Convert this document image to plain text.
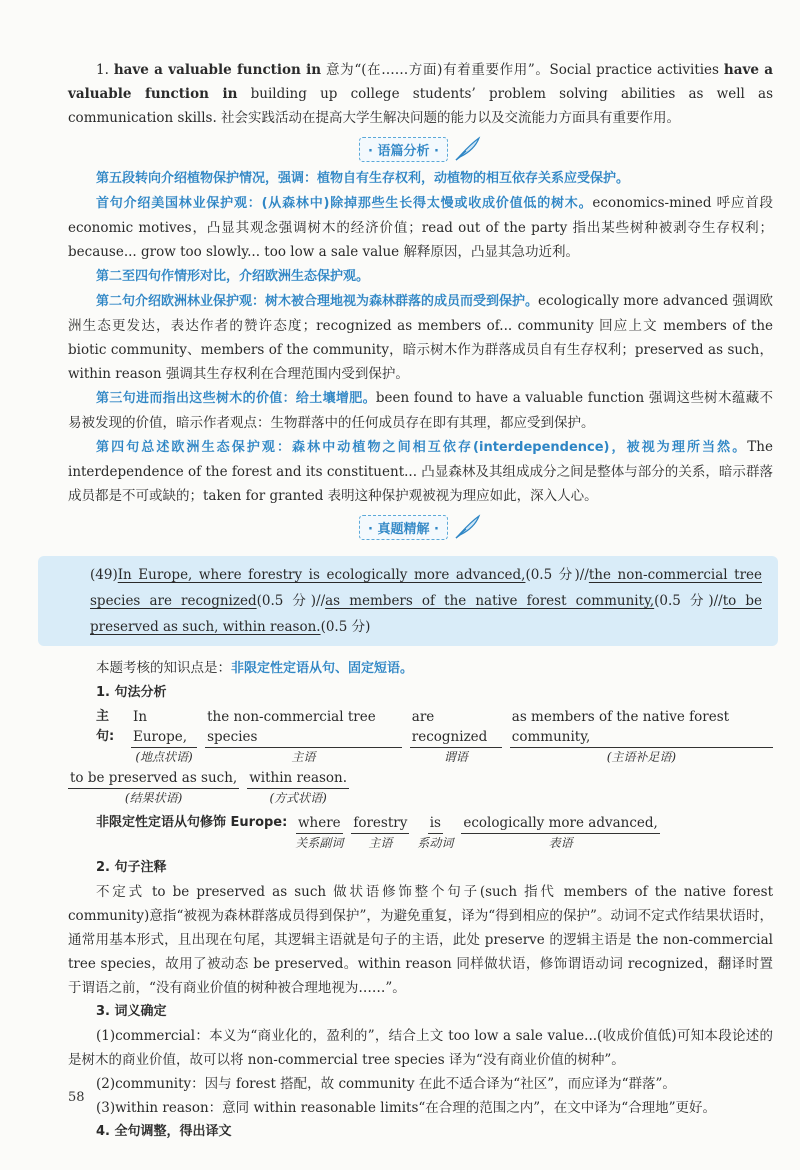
1. have a valuable function in 意为“(在……方面)有着重要作用”。Social practice activities have a valuable function in building up college students’ problem solving abilities as well as communication skills. 社会实践活动在提高大学生解决问题的能力以及交流能力方面具有重要作用。

· 语篇分析 ·

第五段转向介绍植物保护情况，强调：植物自有生存权利，动植物的相互依存关系应受保护。

首句介绍美国林业保护观：(从森林中)除掉那些生长得太慢或收成价值低的树木。economics-mined 呼应首段 economic motives，凸显其观念强调树木的经济价值；read out of the party 指出某些树种被剥夺生存权利；because... grow too slowly... too low a sale value 解释原因，凸显其急功近利。

第二至四句作情形对比，介绍欧洲生态保护观。

第二句介绍欧洲林业保护观：树木被合理地视为森林群落的成员而受到保护。ecologically more advanced 强调欧洲生态更发达，表达作者的赞许态度；recognized as members of... community 回应上文 members of the biotic community、members of the community，暗示树木作为群落成员自有生存权利；preserved as such，within reason 强调其生存权利在合理范围内受到保护。

第三句进而指出这些树木的价值：给土壤增肥。been found to have a valuable function 强调这些树木蕴藏不易被发现的价值，暗示作者观点：生物群落中的任何成员存在即有其理，都应受到保护。

第四句总述欧洲生态保护观：森林中动植物之间相互依存(interdependence)，被视为理所当然。The interdependence of the forest and its constituent... 凸显森林及其组成成分之间是整体与部分的关系，暗示群落成员都是不可或缺的；taken for granted 表明这种保护观被视为理应如此，深入人心。

· 真题精解 ·

(49)In Europe, where forestry is ecologically more advanced,(0.5 分)//the non-commercial tree species are recognized(0.5 分)//as members of the native forest community,(0.5 分)//to be preserved as such, within reason.(0.5 分)

本题考核的知识点是：非限定性定语从句、固定短语。

1. 句法分析

主句:
In Europe,
(地点状语)
the non-commercial tree species
主语
are recognized
谓语
as members of the native forest community,
(主语补足语)
to be preserved as such,
(结果状语)
within reason.
(方式状语)
非限定性定语从句修饰 Europe: where
关系副词
forestry
主语
is
系动词
ecologically more advanced,
表语

2. 句子注释

不定式 to be preserved as such 做状语修饰整个句子(such 指代 members of the native forest community)意指“被视为森林群落成员得到保护”，为避免重复，译为“得到相应的保护”。动词不定式作结果状语时，通常用基本形式，且出现在句尾，其逻辑主语就是句子的主语，此处 preserve 的逻辑主语是 the non-commercial tree species，故用了被动态 be preserved。within reason 同样做状语，修饰谓语动词 recognized，翻译时置于谓语之前，“没有商业价值的树种被合理地视为……”。

3. 词义确定

(1)commercial：本义为“商业化的，盈利的”，结合上文 too low a sale value...(收成价值低)可知本段论述的是树木的商业价值，故可以将 non-commercial tree species 译为“没有商业价值的树种”。

(2)community：因与 forest 搭配，故 community 在此不适合译为“社区”，而应译为“群落”。

(3)within reason：意同 within reasonable limits“在合理的范围之内”，在文中译为“合理地”更好。

4. 全句调整，得出译文

58
